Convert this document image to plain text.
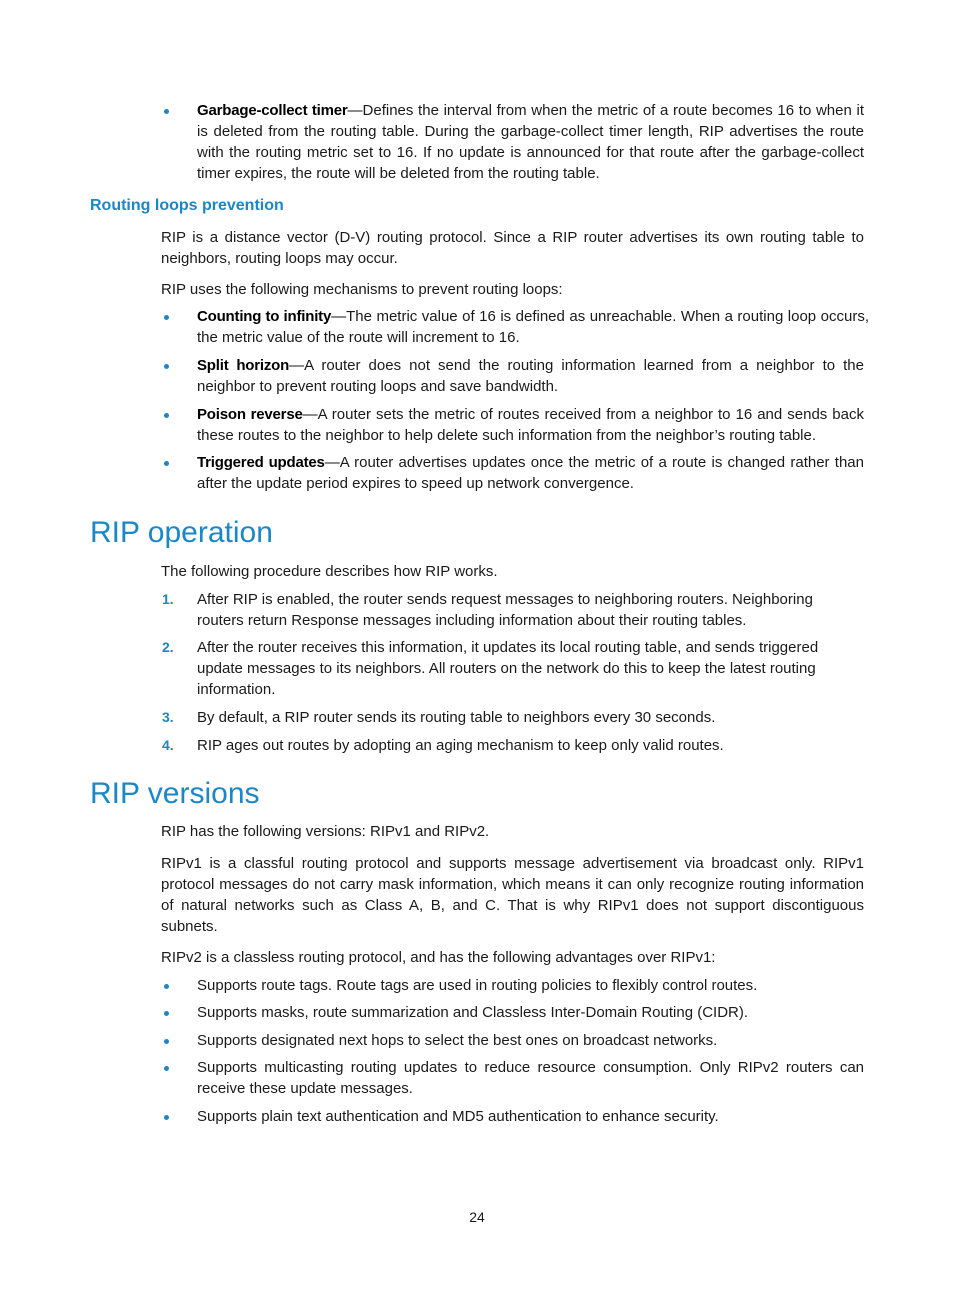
Garbage-collect timer—Defines the interval from when the metric of a route becomes 16 to when it is deleted from the routing table. During the garbage-collect timer length, RIP advertises the route with the routing metric set to 16. If no update is announced for that route after the garbage-collect timer expires, the route will be deleted from the routing table.

Routing loops prevention

RIP is a distance vector (D-V) routing protocol. Since a RIP router advertises its own routing table to neighbors, routing loops may occur.

RIP uses the following mechanisms to prevent routing loops:

Counting to infinity—The metric value of 16 is defined as unreachable. When a routing loop occurs, the metric value of the route will increment to 16.

Split horizon—A router does not send the routing information learned from a neighbor to the neighbor to prevent routing loops and save bandwidth.

Poison reverse—A router sets the metric of routes received from a neighbor to 16 and sends back these routes to the neighbor to help delete such information from the neighbor’s routing table.

Triggered updates—A router advertises updates once the metric of a route is changed rather than after the update period expires to speed up network convergence.

RIP operation

The following procedure describes how RIP works.

1.	After RIP is enabled, the router sends request messages to neighboring routers. Neighboring routers return Response messages including information about their routing tables.

2.	After the router receives this information, it updates its local routing table, and sends triggered update messages to its neighbors. All routers on the network do this to keep the latest routing information.

3.	By default, a RIP router sends its routing table to neighbors every 30 seconds.

4.	RIP ages out routes by adopting an aging mechanism to keep only valid routes.

RIP versions

RIP has the following versions: RIPv1 and RIPv2.

RIPv1 is a classful routing protocol and supports message advertisement via broadcast only. RIPv1 protocol messages do not carry mask information, which means it can only recognize routing information of natural networks such as Class A, B, and C. That is why RIPv1 does not support discontiguous subnets.

RIPv2 is a classless routing protocol, and has the following advantages over RIPv1:

Supports route tags. Route tags are used in routing policies to flexibly control routes.

Supports masks, route summarization and Classless Inter-Domain Routing (CIDR).

Supports designated next hops to select the best ones on broadcast networks.

Supports multicasting routing updates to reduce resource consumption. Only RIPv2 routers can receive these update messages.

Supports plain text authentication and MD5 authentication to enhance security.

24
